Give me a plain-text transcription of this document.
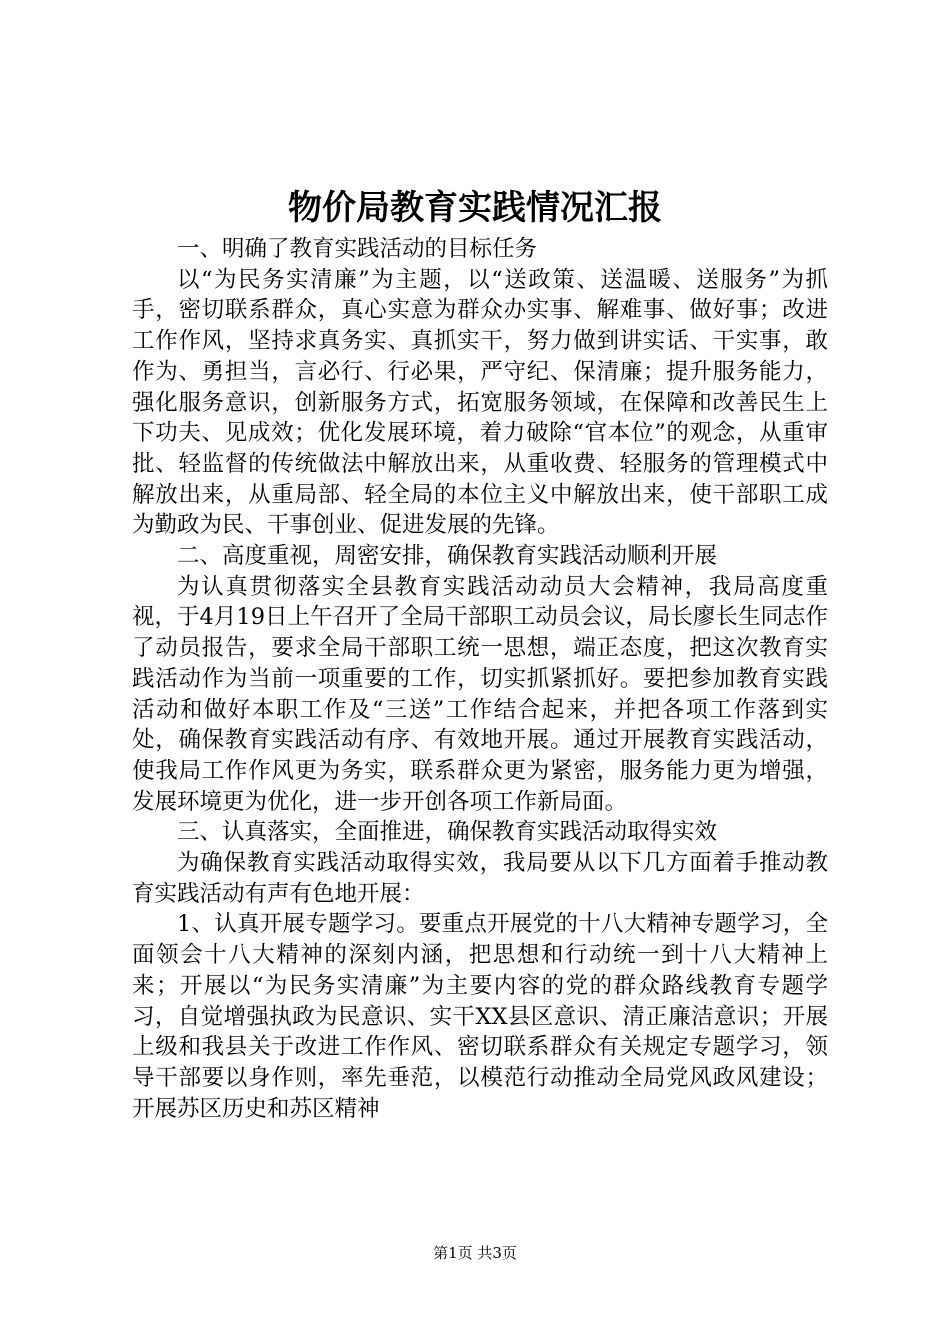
物价局教育实践情况汇报

一、明确了教育实践活动的目标任务

以“为民务实清廉”为主题，以“送政策、送温暖、送服务”为抓手，密切联系群众，真心实意为群众办实事、解难事、做好事；改进工作作风，坚持求真务实、真抓实干，努力做到讲实话、干实事，敢作为、勇担当，言必行、行必果，严守纪、保清廉；提升服务能力，强化服务意识，创新服务方式，拓宽服务领域，在保障和改善民生上下功夫、见成效；优化发展环境，着力破除“官本位”的观念，从重审批、轻监督的传统做法中解放出来，从重收费、轻服务的管理模式中解放出来，从重局部、轻全局的本位主义中解放出来，使干部职工成为勤政为民、干事创业、促进发展的先锋。

二、高度重视，周密安排，确保教育实践活动顺利开展

为认真贯彻落实全县教育实践活动动员大会精神，我局高度重视，于4月19日上午召开了全局干部职工动员会议，局长廖长生同志作了动员报告，要求全局干部职工统一思想，端正态度，把这次教育实践活动作为当前一项重要的工作，切实抓紧抓好。要把参加教育实践活动和做好本职工作及“三送”工作结合起来，并把各项工作落到实处，确保教育实践活动有序、有效地开展。通过开展教育实践活动，使我局工作作风更为务实，联系群众更为紧密，服务能力更为增强，发展环境更为优化，进一步开创各项工作新局面。

三、认真落实，全面推进，确保教育实践活动取得实效

为确保教育实践活动取得实效，我局要从以下几方面着手推动教育实践活动有声有色地开展：

1、认真开展专题学习。要重点开展党的十八大精神专题学习，全面领会十八大精神的深刻内涵，把思想和行动统一到十八大精神上来；开展以“为民务实清廉”为主要内容的党的群众路线教育专题学习，自觉增强执政为民意识、实干XX县区意识、清正廉洁意识；开展上级和我县关于改进工作作风、密切联系群众有关规定专题学习，领导干部要以身作则，率先垂范，以模范行动推动全局党风政风建设；开展苏区历史和苏区精神

第1页 共3页
